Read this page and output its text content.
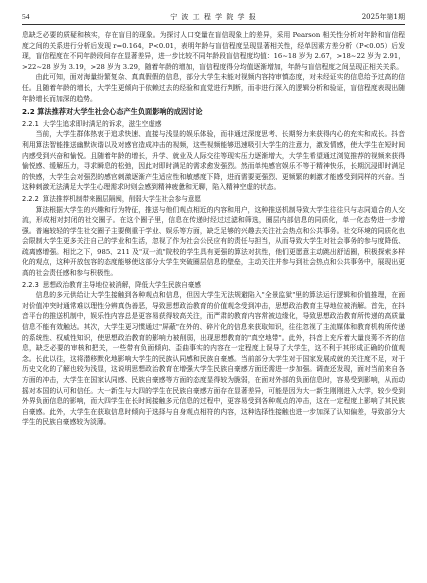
54	宁 波 工 程 学 院 学 报	2025年第1期

息缺乏必要的质疑和核实，存在盲目的现象。为探讨人口变量在盲信现象上的差异，采用 Pearson 相关性分析对年龄和盲信程度之间的关系进行分析后发现 r=0.164，P<0.01，表明年龄与盲信程度呈现显著相关性，经单因素方差分析（P<0.05）后发现，盲信程度在不同年龄段间存在显著差异，进一步比较不同年龄段盲信程度均值：16~18 岁为 2.67，>18~22 岁为 2.91，>22~28 岁为 3.19，>28 岁为 3.29，随着年龄的增加，盲信程度得分均值逐渐增加，年龄与盲信程度之间呈现正相关关系。

由此可知，面对海量纷繁复杂、真真假假的信息，部分大学生未能对视频内容持审慎态度，对未经证实的信息给予过高的信任。且随着年龄的增长，大学生更倾向于依赖过去的经验和直觉进行判断，而非进行深入的逻辑分析和验证，盲信程度表现出随年龄增长而加深的趋势。

2.2 算法推荐对大学生社会心态产生负面影响的成因讨论
2.2.1 大学生追求即时满足的诉求，滋生空虚感

当前，大学生群体热衷于追求快速、直接与浅显的娱乐体验，而非通过深度思考、长期努力来获得内心的充实和成长。抖音利用算法智能推送幽默诙谐以及对感官造成冲击的视频，这些视频能够迅速吸引大学生的注意力，激发情感，使大学生在短时间内感受到兴奋和愉悦。且随着年龄的增长，升学、就业及人际交往等现实压力逐渐增大，大学生希望通过浏览推荐的视频来获得愉悦感、缓解压力，寻求瞬息的松弛，因此对即时满足的需求愈发强烈。然而单纯感官娱乐不等于精神快乐，长期沉浸即时满足的快感，大学生会对强烈的感官刺激逐渐产生适应性和敏感度下降，进而需要更强烈、更频繁的刺激才能感受到同样的兴奋。当这种刺激无法满足大学生心理需求时则会感到精神疲惫和无聊，陷入精神空虚的状态。

2.2.2 算法推荐机制带来圈层隔阂，削弱大学生社会参与意愿

算法根据大学生的兴趣和行为特征，推送与他们观点相近的内容和用户，这种推送机制导致大学生往往只与志同道合的人交流，形成相对封闭的社交圈子。在这个圈子里，信息在传递时经过过滤和筛选，圈层内部信息的同质化，单一化态势进一步增强。普遍较轻的学生社交圈子主要侧重于学业、娱乐等方面，缺乏足够的兴趣去关注社会热点和公共事务。社交环境的同质化也会限制大学生更多关注自己的学业和生活，忽视了作为社会公民应有的责任与担当，从而导致大学生对社会事务的参与度降低、疏离感增强。相比之下，985、211 及"双一流"院校的学生具有更强的算法对抗性，他们更愿意主动跳出舒适圈，积极探索多样化的观点，这种开放包容的态度能够使这部分大学生突破圈层信息的壁垒，主动关注并参与到社会热点和公共事务中，展现出更高的社会责任感和参与积极性。

2.2.3 思想政治教育主导地位被消解，降低大学生民族自豪感

信息的多元供给让大学生接触到各种观点和信息，但因大学生无法规避陷入"全景监狱"里的算法运行逻辑和价值推理，在面对价值冲突时通常难以理性分辨真伪善恶，导致思想政治教育的价值观念受到冲击，思想政治教育主导地位被消解。首先，在抖音平台的推送机制中，娱乐性内容总是更容易获得较高关注，而严肃的教育内容常被边缘化，导致思想政治教育所传递的高质量信息不能有效触达。其次，大学生更习惯通过"屏蔽"在外的、碎片化的信息来获取知识，往往忽视了主流媒体和教育机构所传递的系统性、权威性知识，使思想政治教育的影响力被削弱，出现思想教育的"真空地带"。此外，抖音上充斥着大量良莠不齐的信息，缺乏必要的审核和把关，一些带有负面倾向、歪曲事实的内容在一定程度上误导了大学生，这不利于其形成正确的价值观念。长此以往，这将潜移默化地影响大学生的民族认同感和民族自豪感。当前部分大学生对于国家发展成就的关注度不足，对于历史文化的了解也较为浅显，这说明思想政治教育在增强大学生民族自豪感方面还需进一步加强。调查还发现，面对当前来自各方面的冲击，大学生在国家认同感、民族自豪感等方面的态度显得较为脆弱，在面对外部的负面信息时，容易受到影响，从而动摇对本国的认可和信任。大一新生与大四的学生在民族自豪感方面存在显著差异，可能是因为大一新生刚刚进入大学，较少受到外界负面信息的影响，而大四学生在长时间接触多元信息的过程中，更容易受到各种观点的冲击，这在一定程度上影响了其民族自豪感。此外，大学生在获取信息时倾向于选择与自身观点相符的内容，这种选择性接触也进一步加深了认知偏差，导致部分大学生的民族自豪感较为淡薄。
